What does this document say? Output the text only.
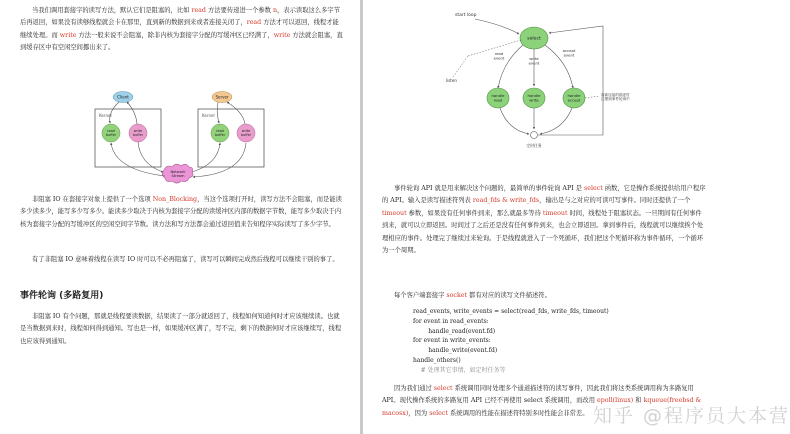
当我们调用套接字的读写方法，默认它们是阻塞的，比如 read 方法要传递进一个参数 n，表示读取这么多字节后再返回，如果没有读够线程就会卡在那里，直到新的数据到来或者连接关闭了，read 方法才可以返回，线程才能继续处理。而 write 方法一般来说不会阻塞，除非内核为套接字分配的写缓冲区已经满了，write 方法就会阻塞，直到缓存区中有空闲空间挪出来了。

Kernel	Kernel
Client	Server
read buffer
write buffer
read buffer
write buffer
Network Stream

非阻塞 IO 在套接字对象上提供了一个选项 Non_Blocking，当这个选项打开时，读写方法不会阻塞，而是能读多少读多少，能写多少写多少。能读多少取决于内核为套接字分配的读缓冲区内部的数据字节数，能写多少取决于内核为套接字分配的写缓冲区的空闲空间字节数。读方法和写方法都会通过返回值来告知程序实际读写了多少字节。

有了非阻塞 IO 意味着线程在读写 IO 时可以不必再阻塞了，读写可以瞬间完成然后线程可以继续干别的事了。

事件轮询 (多路复用)

非阻塞 IO 有个问题，那就是线程要读数据，结果读了一部分就返回了，线程如何知道何时才应该继续读。也就是当数据到来时，线程如何得到通知。写也是一样，如果缓冲区满了，写不完，剩下的数据何时才应该继续写，线程也应该得到通知。

start loop
select
listen
read event	write event
accept event
handle read
handle write
handle accept
将新连接的描述符注册到事件轮询中
定时任务

事件轮询 API 就是用来解决这个问题的，最简单的事件轮询 API 是 select 函数，它是操作系统提供给用户程序的 API。输入是读写描述符列表 read_fds & write_fds，输出是与之对应的可读可写事件。同时还提供了一个 timeout 参数，如果没有任何事件到来，那么就最多等待 timeout 时间，线程处于阻塞状态。一旦期间有任何事件到来，就可以立即返回。时间过了之后还是没有任何事件到来，也会立即返回。拿到事件后，线程就可以继续挨个处理相应的事件。处理完了继续过来轮询。于是线程就进入了一个死循环，我们把这个死循环称为事件循环，一个循环为一个周期。

每个客户端套接字 socket 都有对应的读写文件描述符。

read_events, write_events = select(read_fds, write_fds, timeout)
for event in read_events:
handle_read(event.fd)
for event in write_events:
handle_write(event.fd)
handle_others()
# 处理其它事情，如定时任务等

因为我们通过 select 系统调用同时处理多个通道描述符的读写事件，因此我们将这类系统调用称为多路复用 API。现代操作系统的多路复用 API 已经不再使用 select 系统调用，而改用 epoll(linux) 和 kqueue(freebsd & macosx)，因为 select 系统调用的性能在描述符特别多时性能会非常差。 知乎 @程序员大本营
